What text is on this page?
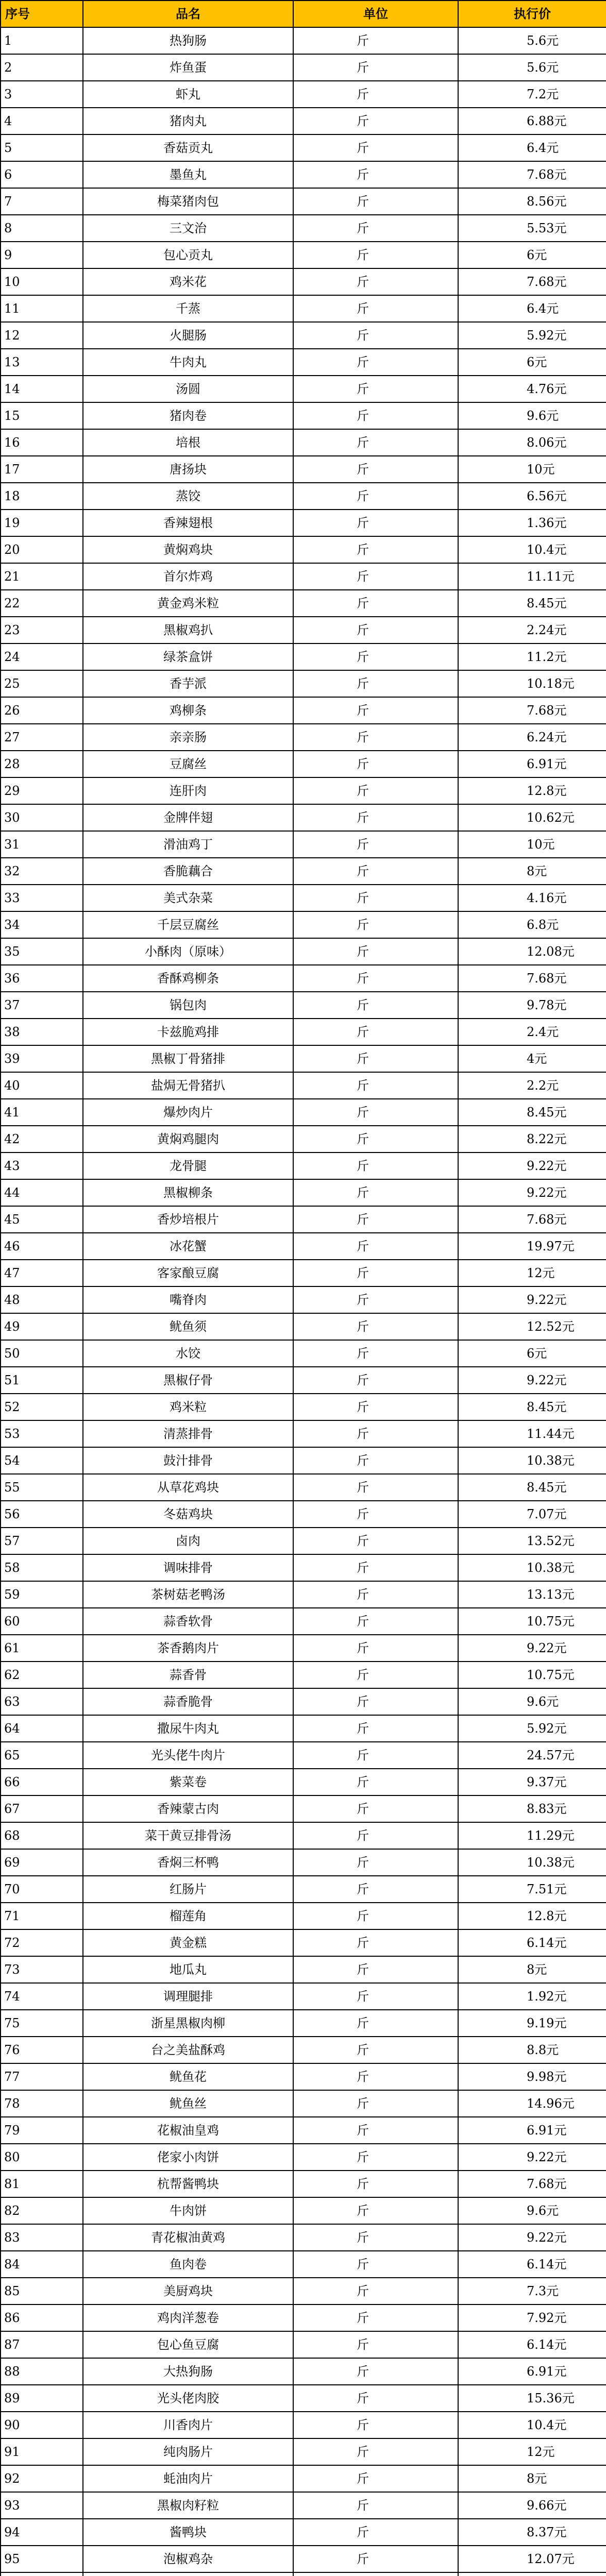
序号	品名	单位	执行价
1	热狗肠	斤	5.6元
2	炸鱼蛋	斤	5.6元
3	虾丸	斤	7.2元
4	猪肉丸	斤	6.88元
5	香菇贡丸	斤	6.4元
6	墨鱼丸	斤	7.68元
7	梅菜猪肉包	斤	8.56元
8	三文治	斤	5.53元
9	包心贡丸	斤	6元
10	鸡米花	斤	7.68元
11	千蒸	斤	6.4元
12	火腿肠	斤	5.92元
13	牛肉丸	斤	6元
14	汤圆	斤	4.76元
15	猪肉卷	斤	9.6元
16	培根	斤	8.06元
17	唐扬块	斤	10元
18	蒸饺	斤	6.56元
19	香辣翅根	斤	1.36元
20	黄焖鸡块	斤	10.4元
21	首尔炸鸡	斤	11.11元
22	黄金鸡米粒	斤	8.45元
23	黑椒鸡扒	斤	2.24元
24	绿茶盒饼	斤	11.2元
25	香芋派	斤	10.18元
26	鸡柳条	斤	7.68元
27	亲亲肠	斤	6.24元
28	豆腐丝	斤	6.91元
29	连肝肉	斤	12.8元
30	金牌伴翅	斤	10.62元
31	滑油鸡丁	斤	10元
32	香脆藕合	斤	8元
33	美式杂菜	斤	4.16元
34	千层豆腐丝	斤	6.8元
35	小酥肉（原味）	斤	12.08元
36	香酥鸡柳条	斤	7.68元
37	锅包肉	斤	9.78元
38	卡兹脆鸡排	斤	2.4元
39	黑椒丁骨猪排	斤	4元
40	盐焗无骨猪扒	斤	2.2元
41	爆炒肉片	斤	8.45元
42	黄焖鸡腿肉	斤	8.22元
43	龙骨腿	斤	9.22元
44	黑椒柳条	斤	9.22元
45	香炒培根片	斤	7.68元
46	冰花蟹	斤	19.97元
47	客家酿豆腐	斤	12元
48	嘴脊肉	斤	9.22元
49	鱿鱼须	斤	12.52元
50	水饺	斤	6元
51	黑椒仔骨	斤	9.22元
52	鸡米粒	斤	8.45元
53	清蒸排骨	斤	11.44元
54	鼓汁排骨	斤	10.38元
55	从草花鸡块	斤	8.45元
56	冬菇鸡块	斤	7.07元
57	卤肉	斤	13.52元
58	调味排骨	斤	10.38元
59	茶树菇老鸭汤	斤	13.13元
60	蒜香软骨	斤	10.75元
61	茶香鹅肉片	斤	9.22元
62	蒜香骨	斤	10.75元
63	蒜香脆骨	斤	9.6元
64	撒尿牛肉丸	斤	5.92元
65	光头佬牛肉片	斤	24.57元
66	紫菜卷	斤	9.37元
67	香辣蒙古肉	斤	8.83元
68	菜干黄豆排骨汤	斤	11.29元
69	香焖三杯鸭	斤	10.38元
70	红肠片	斤	7.51元
71	榴莲角	斤	12.8元
72	黄金糕	斤	6.14元
73	地瓜丸	斤	8元
74	调理腿排	斤	1.92元
75	浙星黑椒肉柳	斤	9.19元
76	台之美盐酥鸡	斤	8.8元
77	鱿鱼花	斤	9.98元
78	鱿鱼丝	斤	14.96元
79	花椒油皇鸡	斤	6.91元
80	佬家小肉饼	斤	9.22元
81	杭帮酱鸭块	斤	7.68元
82	牛肉饼	斤	9.6元
83	青花椒油黄鸡	斤	9.22元
84	鱼肉卷	斤	6.14元
85	美厨鸡块	斤	7.3元
86	鸡肉洋葱卷	斤	7.92元
87	包心鱼豆腐	斤	6.14元
88	大热狗肠	斤	6.91元
89	光头佬肉胶	斤	15.36元
90	川香肉片	斤	10.4元
91	纯肉肠片	斤	12元
92	蚝油肉片	斤	8元
93	黑椒肉籽粒	斤	9.66元
94	酱鸭块	斤	8.37元
95	泡椒鸡杂	斤	12.07元
